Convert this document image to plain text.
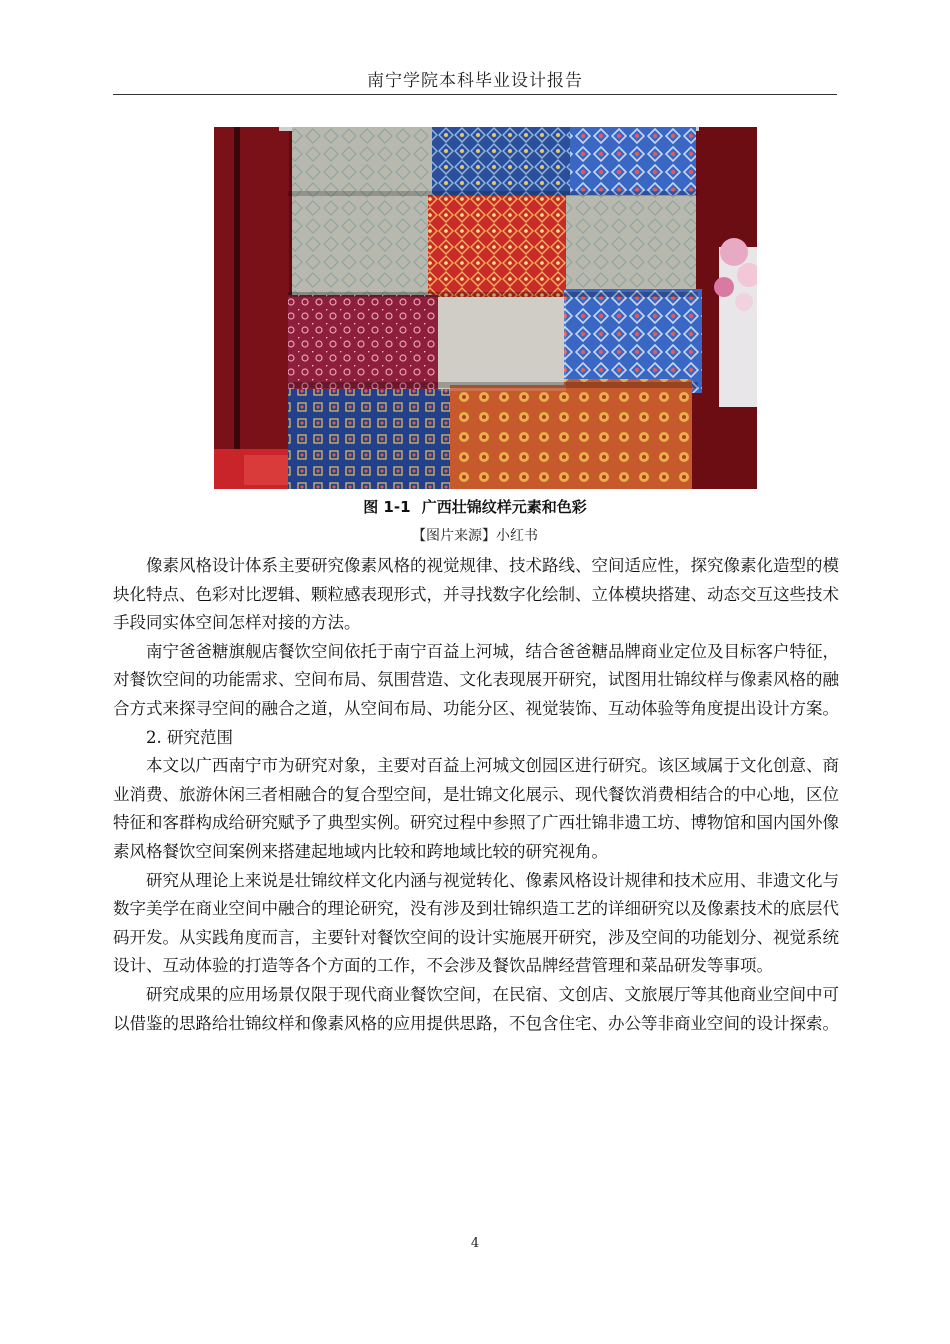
南宁学院本科毕业设计报告
图 1-1 广西壮锦纹样元素和色彩
【图片来源】小红书

像素风格设计体系主要研究像素风格的视觉规律、技术路线、空间适应性，探究像素化造型的模块化特点、色彩对比逻辑、颗粒感表现形式，并寻找数字化绘制、立体模块搭建、动态交互这些技术手段同实体空间怎样对接的方法。

南宁爸爸糖旗舰店餐饮空间依托于南宁百益上河城，结合爸爸糖品牌商业定位及目标客户特征，对餐饮空间的功能需求、空间布局、氛围营造、文化表现展开研究，试图用壮锦纹样与像素风格的融合方式来探寻空间的融合之道，从空间布局、功能分区、视觉装饰、互动体验等角度提出设计方案。

2. 研究范围

本文以广西南宁市为研究对象，主要对百益上河城文创园区进行研究。该区域属于文化创意、商业消费、旅游休闲三者相融合的复合型空间，是壮锦文化展示、现代餐饮消费相结合的中心地，区位特征和客群构成给研究赋予了典型实例。研究过程中参照了广西壮锦非遗工坊、博物馆和国内国外像素风格餐饮空间案例来搭建起地域内比较和跨地域比较的研究视角。

研究从理论上来说是壮锦纹样文化内涵与视觉转化、像素风格设计规律和技术应用、非遗文化与数字美学在商业空间中融合的理论研究，没有涉及到壮锦织造工艺的详细研究以及像素技术的底层代码开发。从实践角度而言，主要针对餐饮空间的设计实施展开研究，涉及空间的功能划分、视觉系统设计、互动体验的打造等各个方面的工作，不会涉及餐饮品牌经营管理和菜品研发等事项。

研究成果的应用场景仅限于现代商业餐饮空间，在民宿、文创店、文旅展厅等其他商业空间中可以借鉴的思路给壮锦纹样和像素风格的应用提供思路，不包含住宅、办公等非商业空间的设计探索。

4
